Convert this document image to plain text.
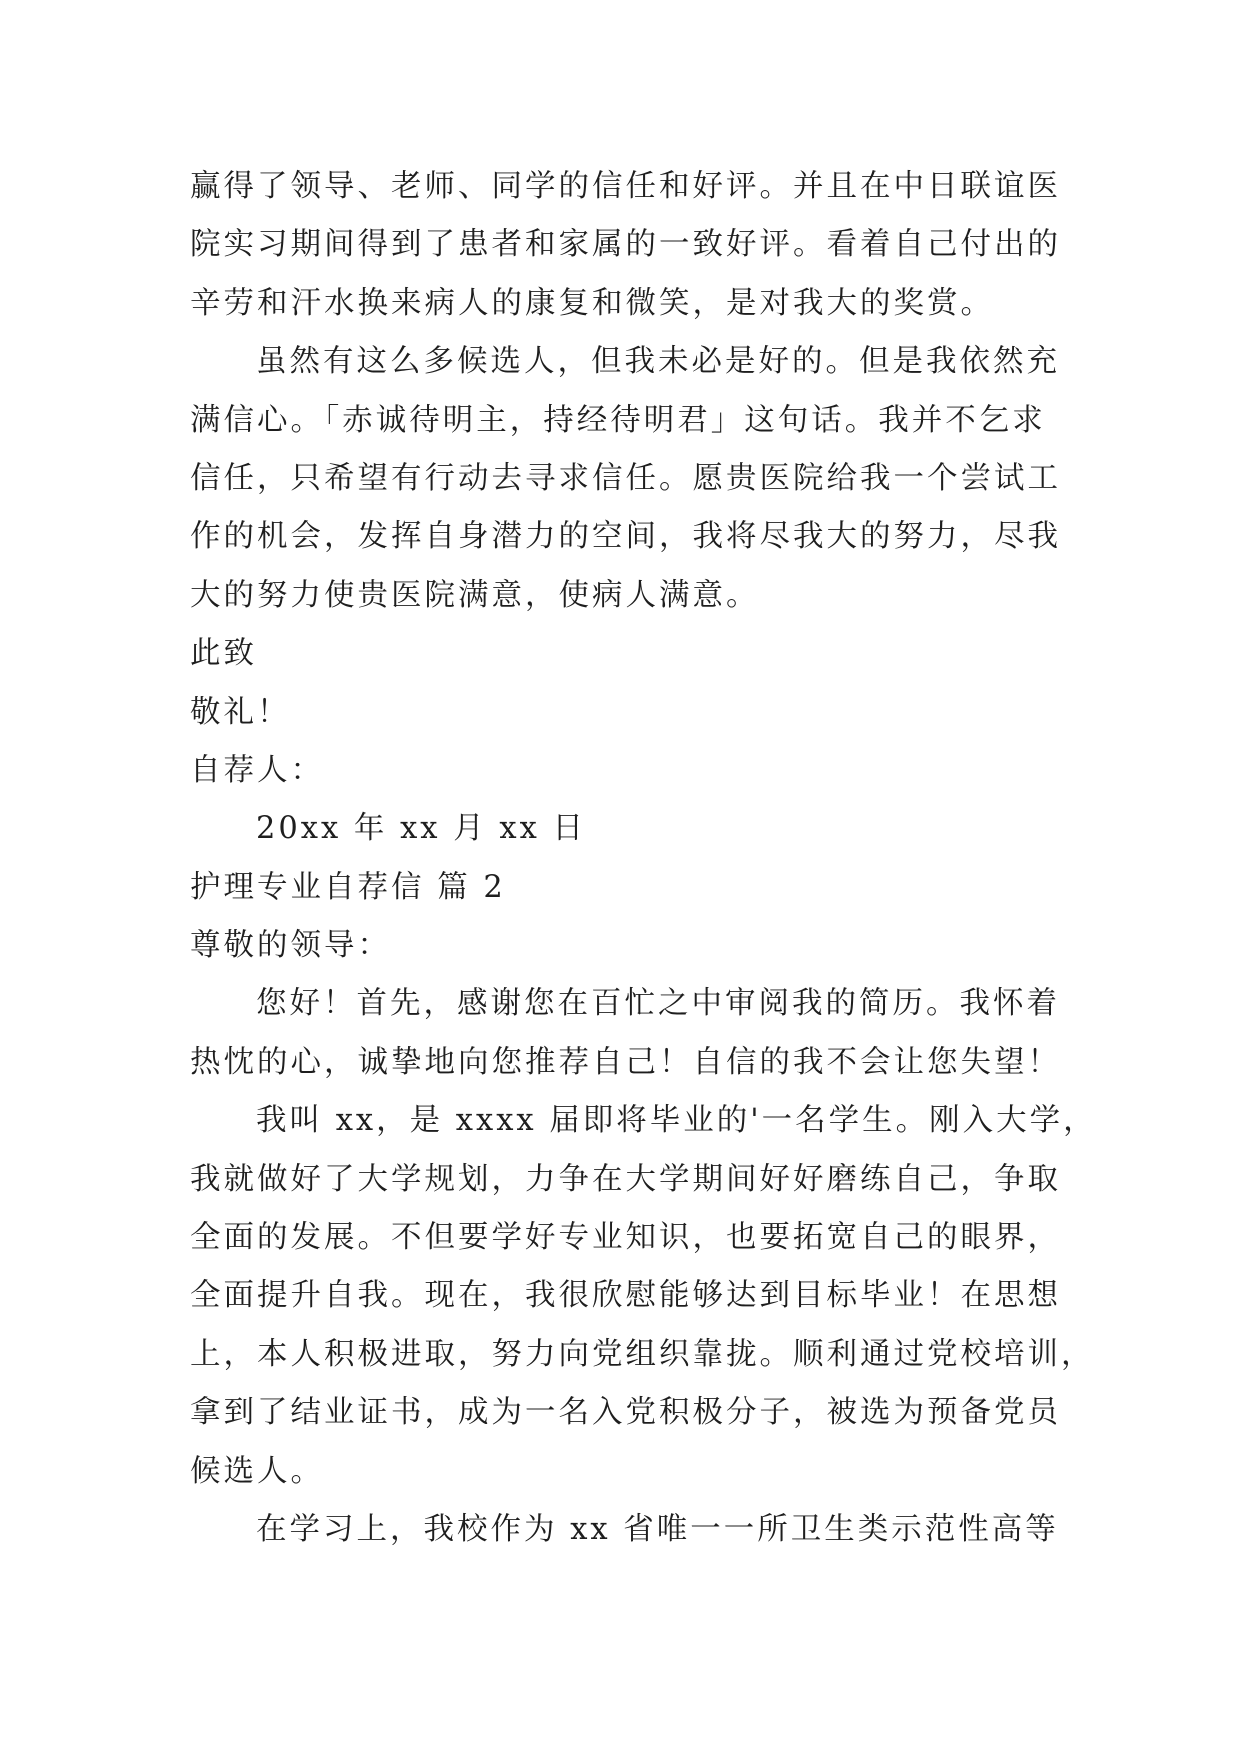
赢得了领导、老师、同学的信任和好评。并且在中日联谊医
院实习期间得到了患者和家属的一致好评。看着自己付出的
辛劳和汗水换来病人的康复和微笑，是对我大的奖赏。
虽然有这么多候选人，但我未必是好的。但是我依然充
满信心。「赤诚待明主，持经待明君」这句话。我并不乞求
信任，只希望有行动去寻求信任。愿贵医院给我一个尝试工
作的机会，发挥自身潜力的空间，我将尽我大的努力，尽我
大的努力使贵医院满意，使病人满意。
此致
敬礼！
自荐人：
20xx 年 xx 月 xx 日
护理专业自荐信 篇 2
尊敬的领导：
您好！首先，感谢您在百忙之中审阅我的简历。我怀着
热忱的心，诚挚地向您推荐自己！自信的我不会让您失望！
我叫 xx，是 xxxx 届即将毕业的'一名学生。刚入大学，
我就做好了大学规划，力争在大学期间好好磨练自己，争取
全面的发展。不但要学好专业知识，也要拓宽自己的眼界，
全面提升自我。现在，我很欣慰能够达到目标毕业！在思想
上，本人积极进取，努力向党组织靠拢。顺利通过党校培训，
拿到了结业证书，成为一名入党积极分子，被选为预备党员
候选人。
在学习上，我校作为 xx 省唯一一所卫生类示范性高等
